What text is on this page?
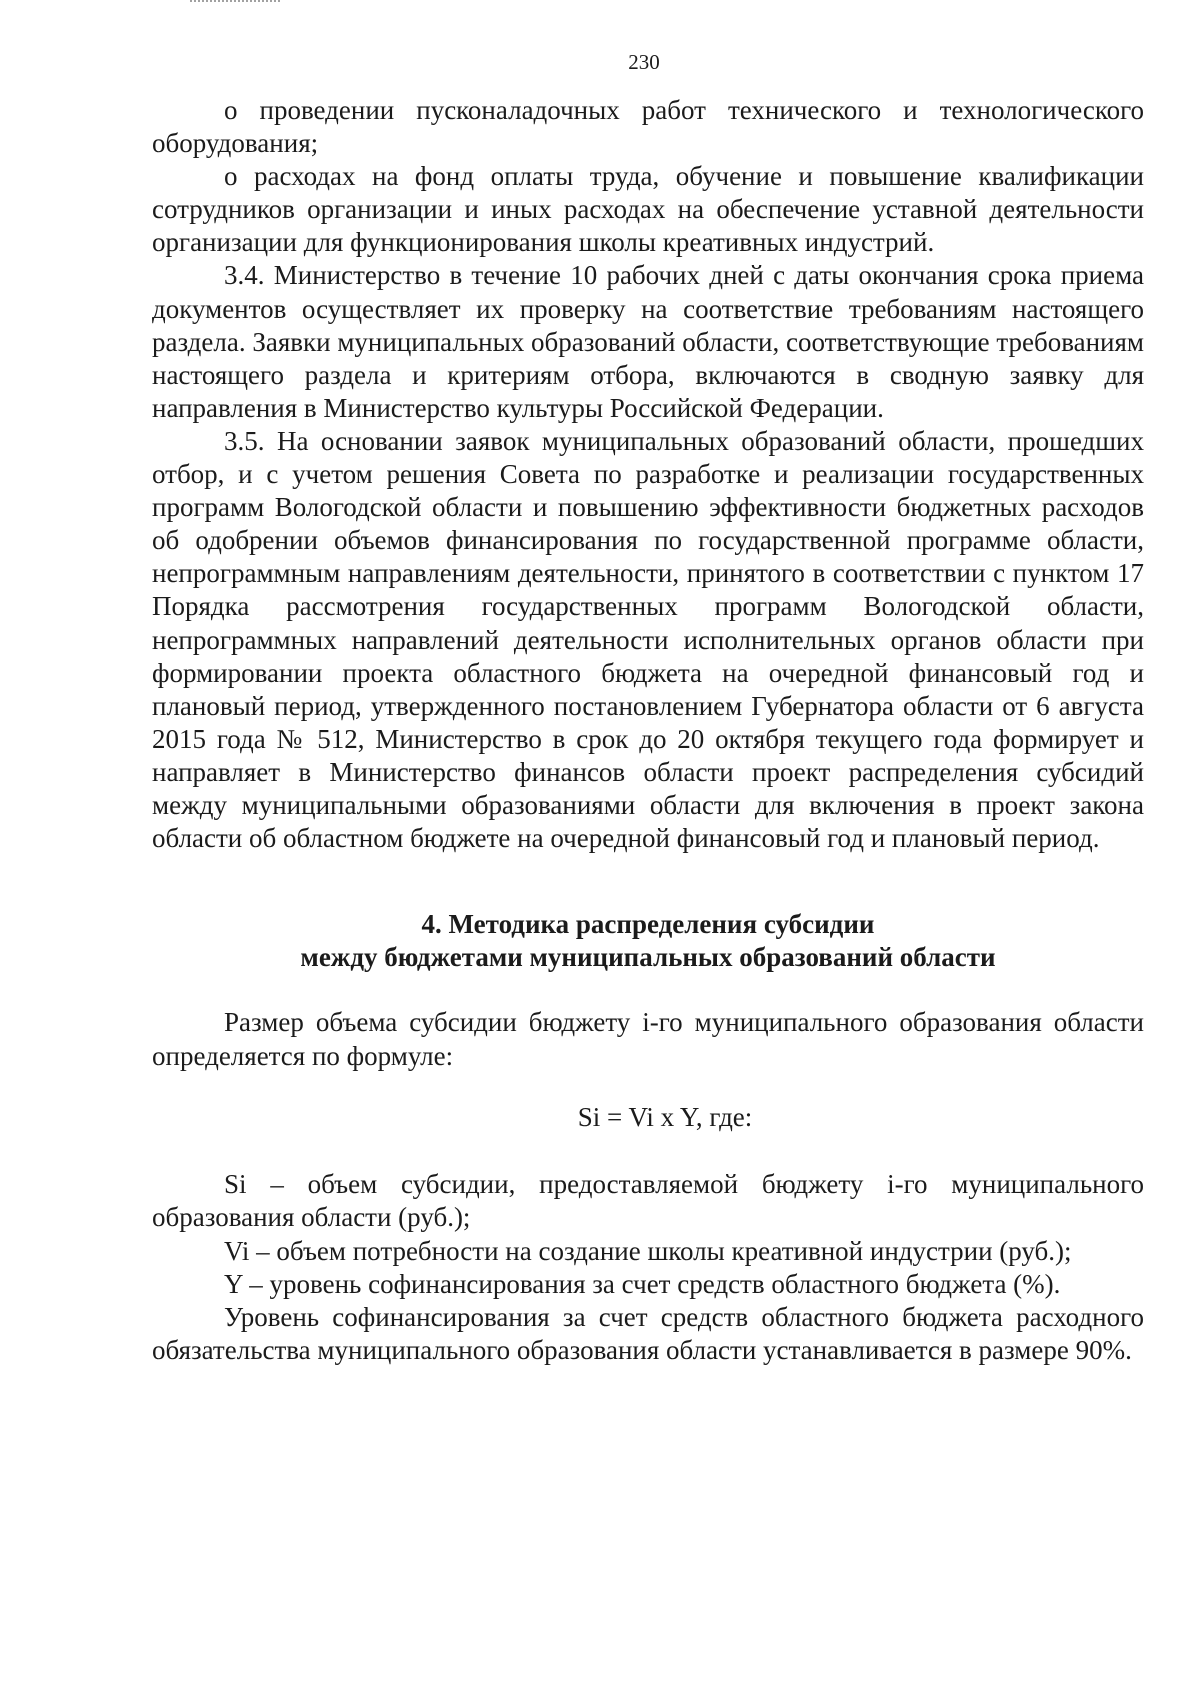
230

о проведении пусконаладочных работ технического и технологического оборудования;

о расходах на фонд оплаты труда, обучение и повышение квалификации сотрудников организации и иных расходах на обеспечение уставной деятельности организации для функционирования школы креативных индустрий.

3.4. Министерство в течение 10 рабочих дней с даты окончания срока приема документов осуществляет их проверку на соответствие требованиям настоящего раздела. Заявки муниципальных образований области, соответствующие требованиям настоящего раздела и критериям отбора, включаются в сводную заявку для направления в Министерство культуры Российской Федерации.

3.5. На основании заявок муниципальных образований области, прошедших отбор, и с учетом решения Совета по разработке и реализации государственных программ Вологодской области и повышению эффективности бюджетных расходов об одобрении объемов финансирования по государственной программе области, непрограммным направлениям деятельности, принятого в соответствии с пунктом 17 Порядка рассмотрения государственных программ Вологодской области, непрограммных направлений деятельности исполнительных органов области при формировании проекта областного бюджета на очередной финансовый год и плановый период, утвержденного постановлением Губернатора области от 6 августа 2015 года № 512, Министерство в срок до 20 октября текущего года формирует и направляет в Министерство финансов области проект распределения субсидий между муниципальными образованиями области для включения в проект закона области об областном бюджете на очередной финансовый год и плановый период.

4. Методика распределения субсидии
между бюджетами муниципальных образований области

Размер объема субсидии бюджету i-го муниципального образования области определяется по формуле:

Si = Vi x Y, где:

Si – объем субсидии, предоставляемой бюджету i-го муниципального образования области (руб.);

Vi – объем потребности на создание школы креативной индустрии (руб.);

Y – уровень софинансирования за счет средств областного бюджета (%).

Уровень софинансирования за счет средств областного бюджета расходного обязательства муниципального образования области устанавливается в размере 90%.
